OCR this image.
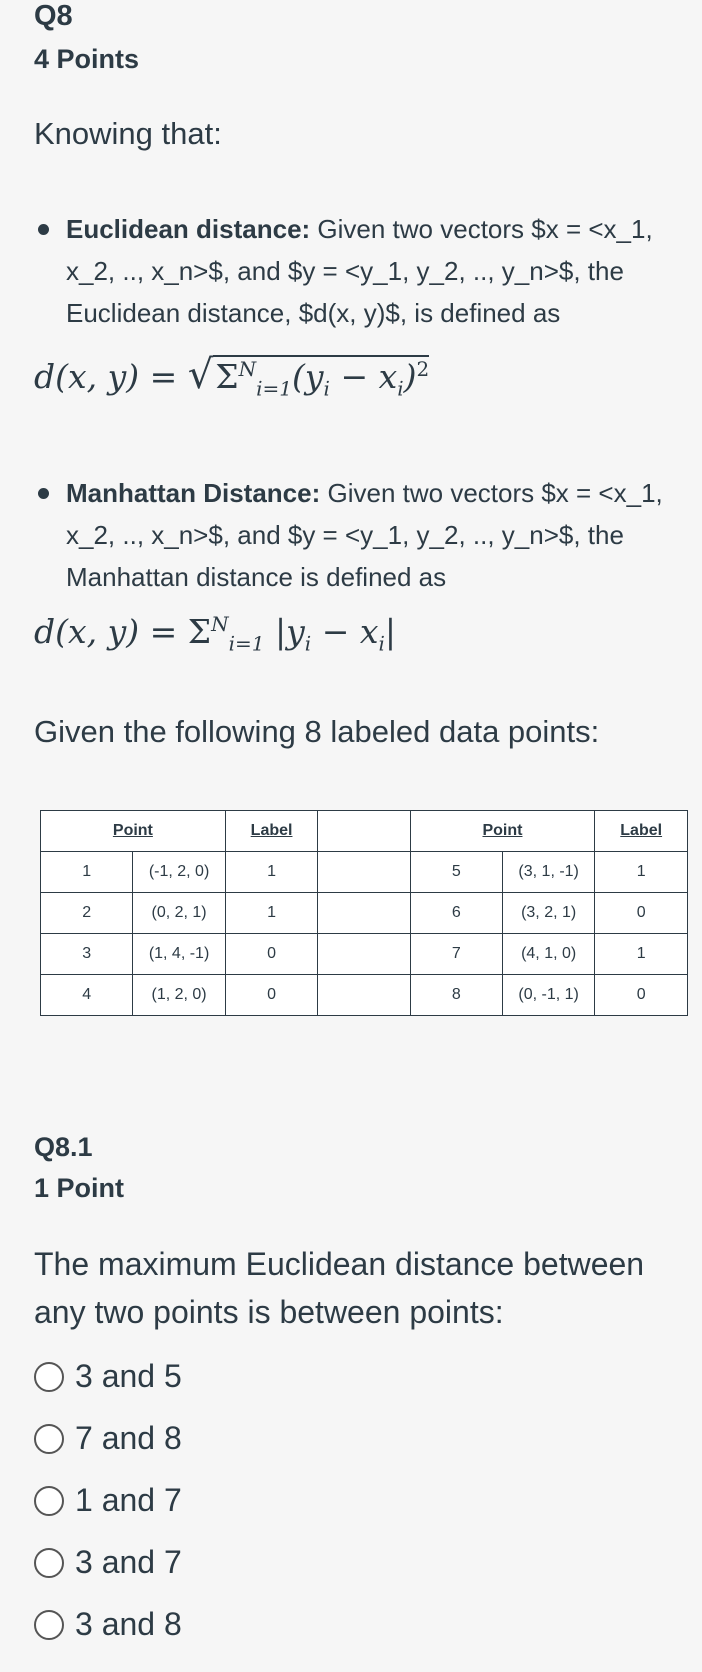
Q8
4 Points
Knowing that:
Euclidean distance: Given two vectors $x = <x_1, x_2, .., x_n>$, and $y = <y_1, y_2, .., y_n>$, the Euclidean distance, $d(x, y)$, is defined as
d(x, $y) = √\Sigma^N_{i=1}(y_i - x_i)^2$
Manhattan Distance: Given two vectors $x = <x_1, x_2, .., x_n>$, and $y = <y_1, y_2, .., y_n>$, the Manhattan distance is defined as
d(x, $y) = \Sigma^N_{i=1}$ $|y_i - x_i|$
Given the following 8 labeled data points:
Point		Label		Point		Label
1	(-1, 2, 0)	1		5	(3, 1, -1)	1
2	(0, 2, 1)	1		6	(3, 2, 1)	0
3	(1, 4, -1)	0		7	(4, 1, 0)	1
4	(1, 2, 0)	0		8	(0, -1, 1)	0
Q8.1
1 Point
The maximum Euclidean distance between any two points is between points:
3 and 5
7 and 8
1 and 7
3 and 7
3 and 8
